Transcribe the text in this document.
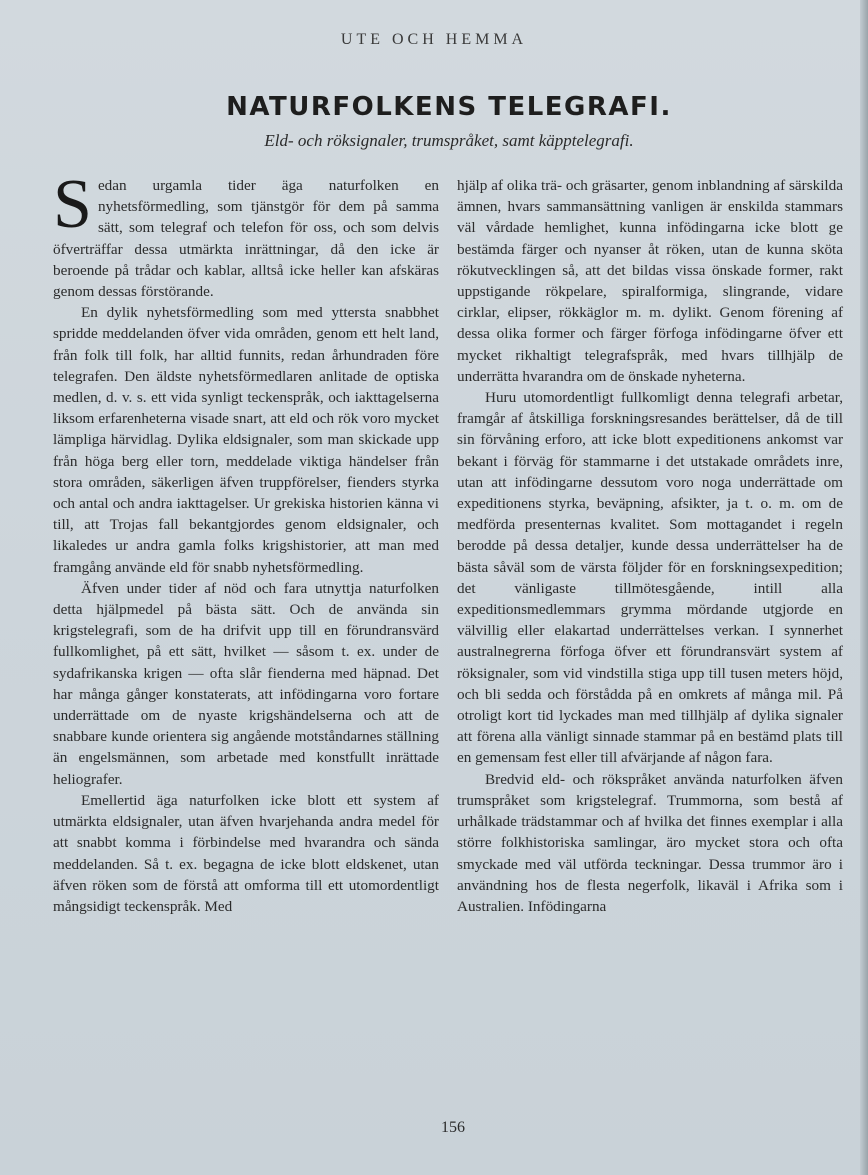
UTE OCH HEMMA
NATURFOLKENS TELEGRAFI.
Eld- och röksignaler, trumspråket, samt käpptelegrafi.

Sedan urgamla tider äga naturfolken en nyhetsförmedling, som tjänstgör för dem på samma sätt, som telegraf och telefon för oss, och som delvis öfverträffar dessa utmärkta inrättningar, då den icke är beroende på trådar och kablar, alltså icke heller kan afskäras genom dessas förstörande.

En dylik nyhetsförmedling som med yttersta snabbhet spridde meddelanden öfver vida områden, genom ett helt land, från folk till folk, har alltid funnits, redan århundraden före telegrafen. Den äldste nyhetsförmedlaren anlitade de optiska medlen, d. v. s. ett vida synligt teckenspråk, och iakttagelserna liksom erfarenheterna visade snart, att eld och rök voro mycket lämpliga härvidlag. Dylika eldsignaler, som man skickade upp från höga berg eller torn, meddelade viktiga händelser från stora områden, säkerligen äfven truppförelser, fienders styrka och antal och andra iakttagelser. Ur grekiska historien känna vi till, att Trojas fall bekantgjordes genom eldsignaler, och likaledes ur andra gamla folks krigshistorier, att man med framgång använde eld för snabb nyhetsförmedling.

Äfven under tider af nöd och fara utnyttja naturfolken detta hjälpmedel på bästa sätt. Och de använda sin krigstelegrafi, som de ha drifvit upp till en förundransvärd fullkomlighet, på ett sätt, hvilket — såsom t. ex. under de sydafrikanska krigen — ofta slår fienderna med häpnad. Det har många gånger konstaterats, att infödingarna voro fortare underrättade om de nyaste krigshändelserna och att de snabbare kunde orientera sig angående motståndarnes ställning än engelsmännen, som arbetade med konstfullt inrättade heliografer.

Emellertid äga naturfolken icke blott ett system af utmärkta eldsignaler, utan äfven hvarjehanda andra medel för att snabbt komma i förbindelse med hvarandra och sända meddelanden. Så t. ex. begagna de icke blott eldskenet, utan äfven röken som de förstå att omforma till ett utomordentligt mångsidigt teckenspråk. Med

hjälp af olika trä- och gräsarter, genom inblandning af särskilda ämnen, hvars sammansättning vanligen är enskilda stammars väl vårdade hemlighet, kunna infödingarna icke blott ge bestämda färger och nyanser åt röken, utan de kunna sköta rökutvecklingen så, att det bildas vissa önskade former, rakt uppstigande rökpelare, spiralformiga, slingrande, vidare cirklar, elipser, rökkäglor m. m. dylikt. Genom förening af dessa olika former och färger förfoga infödingarne öfver ett mycket rikhaltigt telegrafspråk, med hvars tillhjälp de underrätta hvarandra om de önskade nyheterna.

Huru utomordentligt fullkomligt denna telegrafi arbetar, framgår af åtskilliga forskningsresandes berättelser, då de till sin förvåning erforo, att icke blott expeditionens ankomst var bekant i förväg för stammarne i det utstakade områdets inre, utan att infödingarne dessutom voro noga underrättade om expeditionens styrka, beväpning, afsikter, ja t. o. m. om de medförda presenternas kvalitet. Som mottagandet i regeln berodde på dessa detaljer, kunde dessa underrättelser ha de bästa såväl som de värsta följder för en forskningsexpedition; det vänligaste tillmötesgående, intill alla expeditionsmedlemmars grymma mördande utgjorde en välvillig eller elakartad underrättelses verkan. I synnerhet australnegrerna förfoga öfver ett förundransvärt system af röksignaler, som vid vindstilla stiga upp till tusen meters höjd, och bli sedda och förstådda på en omkrets af många mil. På otroligt kort tid lyckades man med tillhjälp af dylika signaler att förena alla vänligt sinnade stammar på en bestämd plats till en gemensam fest eller till afvärjande af någon fara.

Bredvid eld- och rökspråket använda naturfolken äfven trumspråket som krigstelegraf. Trummorna, som bestå af urhålkade trädstammar och af hvilka det finnes exemplar i alla större folkhistoriska samlingar, äro mycket stora och ofta smyckade med väl utförda teckningar. Dessa trummor äro i användning hos de flesta negerfolk, likaväl i Afrika som i Australien. Infödingarna

156
